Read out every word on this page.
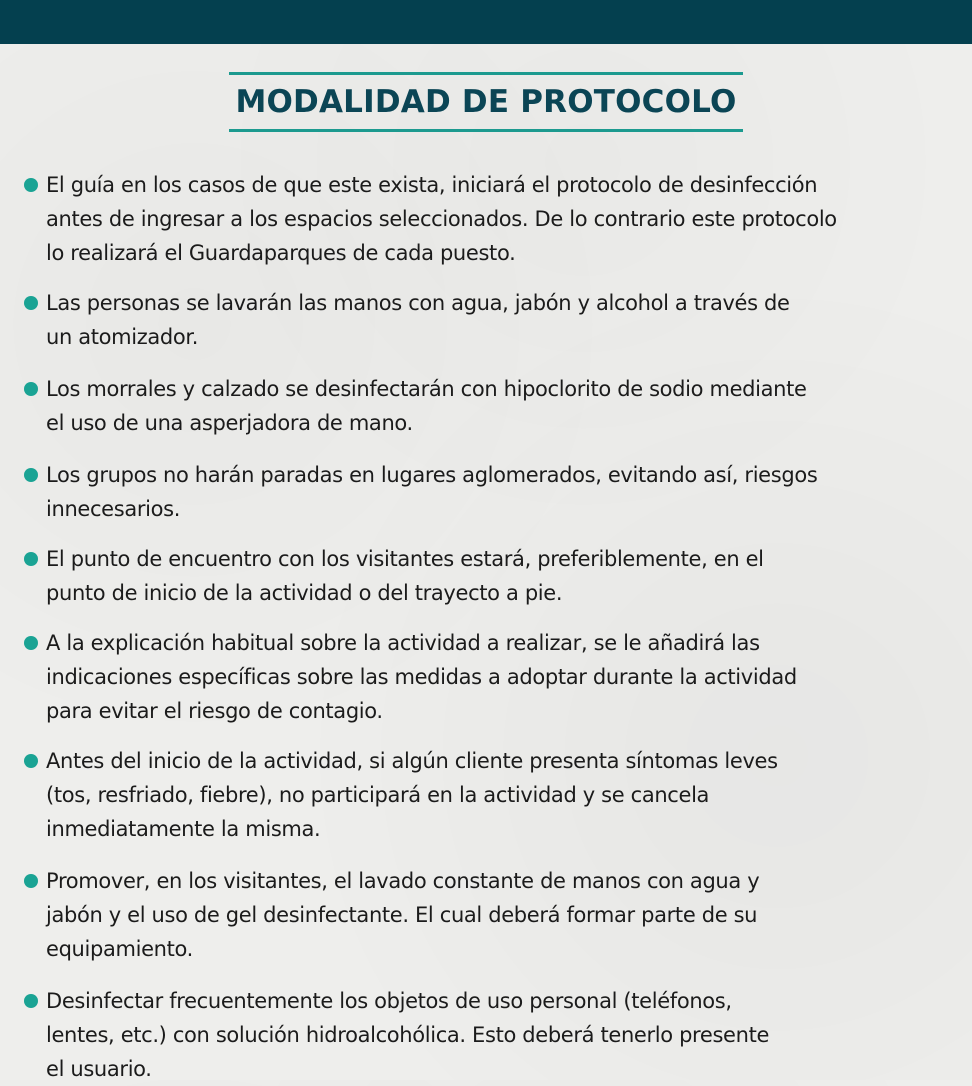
MODALIDAD DE PROTOCOLO
El guía en los casos de que este exista, iniciará el protocolo de desinfección
antes de ingresar a los espacios seleccionados. De lo contrario este protocolo
lo realizará el Guardaparques de cada puesto.
Las personas se lavarán las manos con agua, jabón y alcohol a través de
un atomizador.
Los morrales y calzado se desinfectarán con hipoclorito de sodio mediante
el uso de una asperjadora de mano.
Los grupos no harán paradas en lugares aglomerados, evitando así, riesgos
innecesarios.
El punto de encuentro con los visitantes estará, preferiblemente, en el
punto de inicio de la actividad o del trayecto a pie.
A la explicación habitual sobre la actividad a realizar, se le añadirá las
indicaciones específicas sobre las medidas a adoptar durante la actividad
para evitar el riesgo de contagio.
Antes del inicio de la actividad, si algún cliente presenta síntomas leves
(tos, resfriado, fiebre), no participará en la actividad y se cancela
inmediatamente la misma.
Promover, en los visitantes, el lavado constante de manos con agua y
jabón y el uso de gel desinfectante. El cual deberá formar parte de su
equipamiento.
Desinfectar frecuentemente los objetos de uso personal (teléfonos,
lentes, etc.) con solución hidroalcohólica. Esto deberá tenerlo presente
el usuario.
